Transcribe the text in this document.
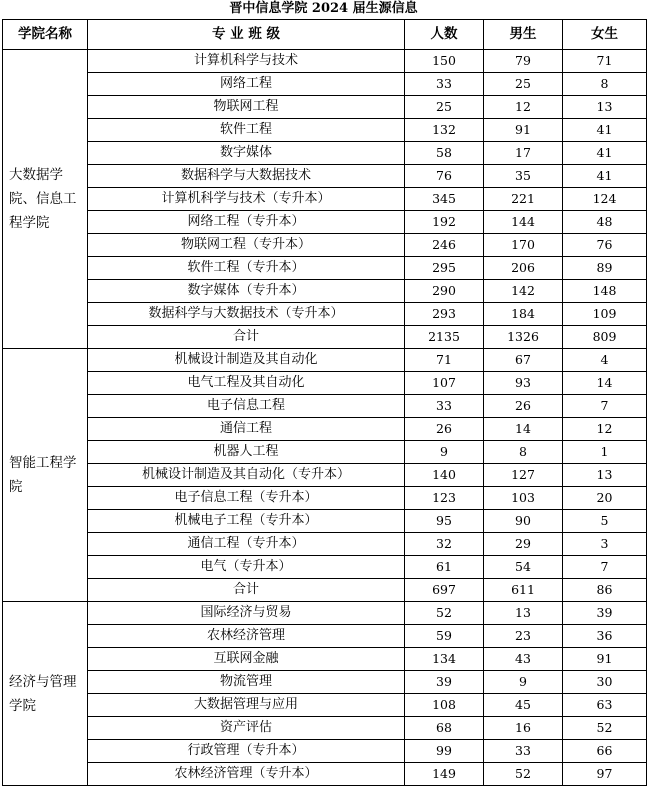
晋中信息学院 2024 届生源信息
学院名称	专 业 班 级	人数	男生	女生
大数据学院、信息工程学院	计算机科学与技术	150	79	71
	网络工程	33	25	8
	物联网工程	25	12	13
	软件工程	132	91	41
	数字媒体	58	17	41
	数据科学与大数据技术	76	35	41
	计算机科学与技术（专升本）	345	221	124
	网络工程（专升本）	192	144	48
	物联网工程（专升本）	246	170	76
	软件工程（专升本）	295	206	89
	数字媒体（专升本）	290	142	148
	数据科学与大数据技术（专升本）	293	184	109
	合计	2135	1326	809
智能工程学院	机械设计制造及其自动化	71	67	4
	电气工程及其自动化	107	93	14
	电子信息工程	33	26	7
	通信工程	26	14	12
	机器人工程	9	8	1
	机械设计制造及其自动化（专升本）	140	127	13
	电子信息工程（专升本）	123	103	20
	机械电子工程（专升本）	95	90	5
	通信工程（专升本）	32	29	3
	电气（专升本）	61	54	7
	合计	697	611	86
经济与管理学院	国际经济与贸易	52	13	39
	农林经济管理	59	23	36
	互联网金融	134	43	91
	物流管理	39	9	30
	大数据管理与应用	108	45	63
	资产评估	68	16	52
	行政管理（专升本）	99	33	66
	农林经济管理（专升本）	149	52	97
